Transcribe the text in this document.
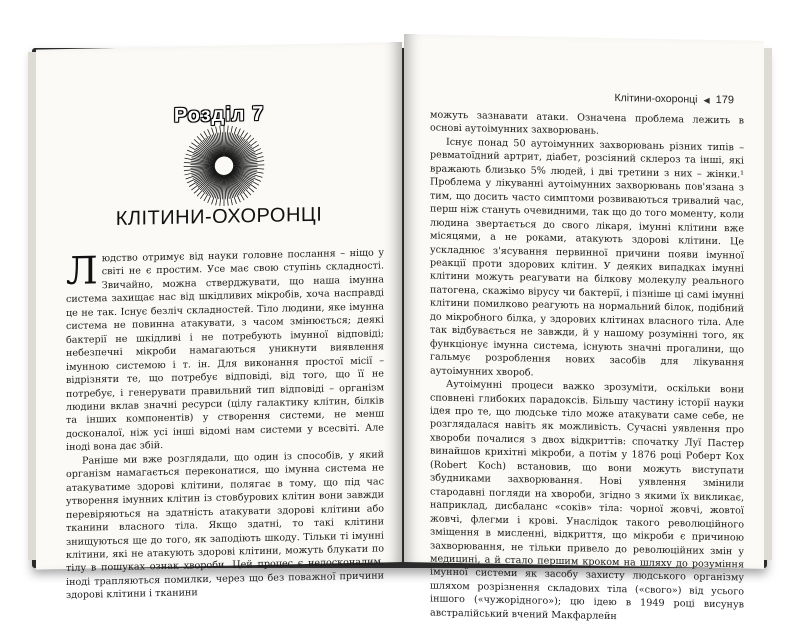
Розділ 7
КЛІТИНИ-ОХОРОНЦІ

Людство отримує від науки головне послання – ніщо у світі не є простим. Усе має свою ступінь складності. Звичайно, можна стверджувати, що наша імунна система захищає нас від шкідливих мікробів, хоча насправді це не так. Існує безліч складностей. Тіло людини, яке імунна система не повинна атакувати, з часом змінюється; деякі бактерії не шкідливі і не потребують імунної відповіді; небезпечні мікроби намагаються уникнути виявлення імунною системою і т. ін. Для виконання простої місії – відрізняти те, що потребує відповіді, від того, що її не потребує, і генерувати правильний тип відповіді – організм людини вклав значні ресурси (цілу галактику клітин, білків та інших компонентів) у створення системи, не менш досконалої, ніж усі інші відомі нам системи у всесвіті. Але іноді вона дає збій.

Раніше ми вже розглядали, що один із способів, у який організм намагається переконатися, що імунна система не атакуватиме здорові клітини, полягає в тому, що під час утворення імунних клітин із стовбурових клітин вони завжди перевіряються на здатність атакувати здорові клітини або тканини власного тіла. Якщо здатні, то такі клітини знищуються ще до того, як заподіють шкоду. Тільки ті імунні клітини, які не атакують здорові клітини, можуть блукати по тілу в пошуках ознак хвороби. Цей процес є недосконалим, іноді трапляються помилки, через що без поважної причини здорові клітини і тканини

Клітини-охоронці ◀ 179

можуть зазнавати атаки. Означена проблема лежить в основі аутоімунних захворювань.

Існує понад 50 аутоімунних захворювань різних типів – ревматоїдний артрит, діабет, розсіяний склероз та інші, які вражають близько 5% людей, і дві третини з них – жінки.¹ Проблема у лікуванні аутоімунних захворювань пов'язана з тим, що досить часто симптоми розвиваються тривалий час, перш ніж стануть очевидними, так що до того моменту, коли людина звертається до свого лікаря, імунні клітини вже місяцями, а не роками, атакують здорові клітини. Це ускладнює з'ясування первинної причини появи імунної реакції проти здорових клітин. У деяких випадках імунні клітини можуть реагувати на білкову молекулу реального патогена, скажімо вірусу чи бактерії, і пізніше ці самі імунні клітини помилково реагують на нормальний білок, подібний до мікробного білка, у здорових клітинах власного тіла. Але так відбувається не завжди, й у нашому розумінні того, як функціонує імунна система, існують значні прогалини, що гальмує розроблення нових засобів для лікування аутоімунних хвороб.

Аутоімунні процеси важко зрозуміти, оскільки вони сповнені глибоких парадоксів. Більшу частину історії науки ідея про те, що людське тіло може атакувати саме себе, не розглядалася навіть як можливість. Сучасні уявлення про хвороби почалися з двох відкриттів: спочатку Луї Пастер винайшов крихітні мікроби, а потім у 1876 році Роберт Кох (Robert Koch) встановив, що вони можуть виступати збудниками захворювання. Нові уявлення змінили стародавні погляди на хвороби, згідно з якими їх викликає, наприклад, дисбаланс «соків» тіла: чорної жовчі, жовтої жовчі, флегми і крові. Унаслідок такого революційного зміщення в мисленні, відкриття, що мікроби є причиною захворювання, не тільки привело до революційних змін у медицині, а й стало першим кроком на шляху до розуміння імунної системи як засобу захисту людського організму шляхом розрізнення складових тіла («свого») від усього іншого («чужорідного»); цю ідею в 1949 році висунув австралійський вчений Макфарлейн
